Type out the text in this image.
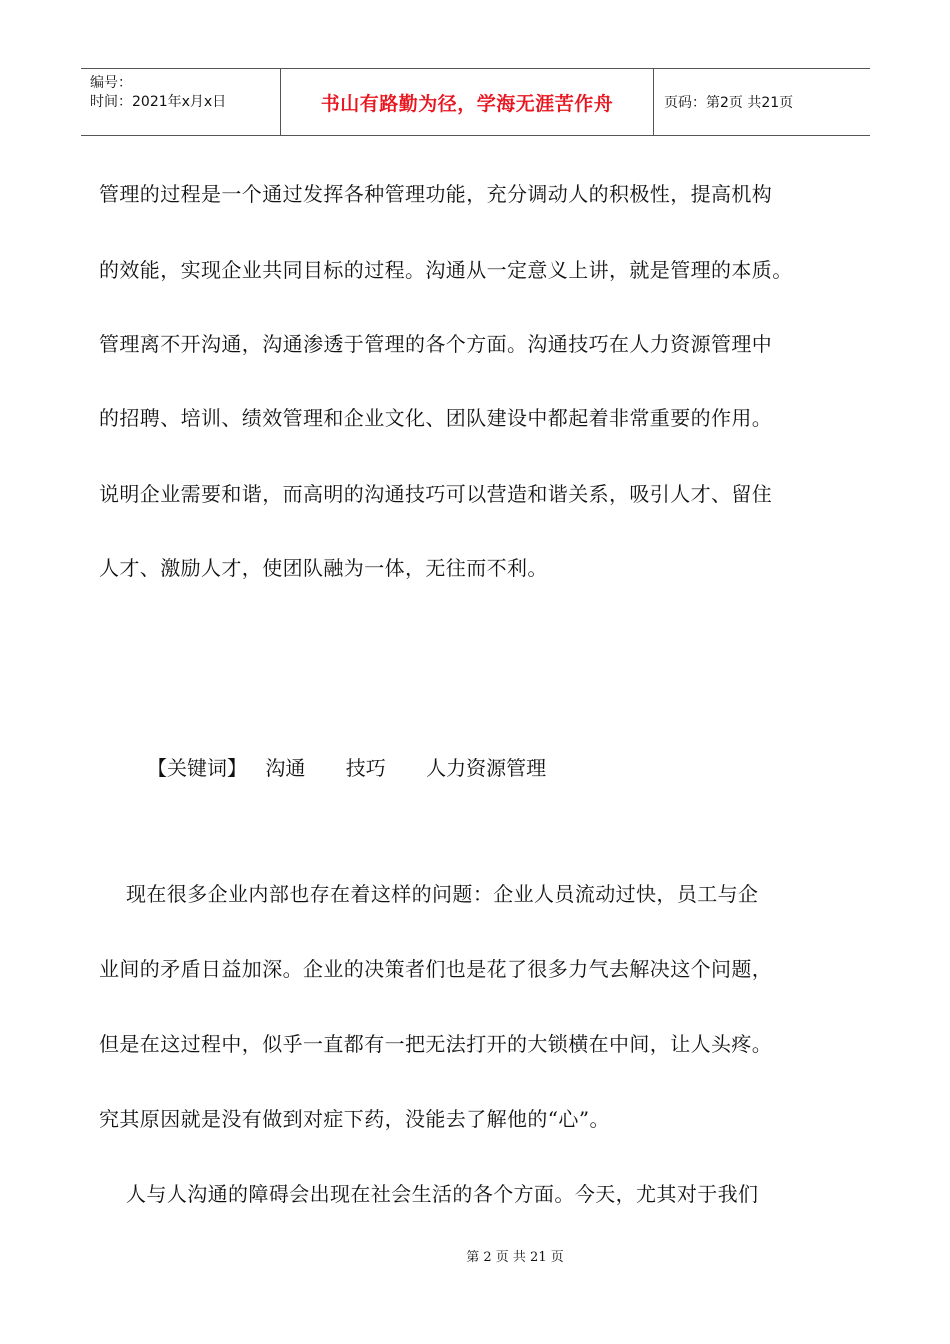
编号：
时间：2021年x月x日	书山有路勤为径，学海无涯苦作舟	页码：第2页 共21页
管理的过程是一个通过发挥各种管理功能，充分调动人的积极性，提高机构
的效能，实现企业共同目标的过程。沟通从一定意义上讲，就是管理的本质。
管理离不开沟通，沟通渗透于管理的各个方面。沟通技巧在人力资源管理中
的招聘、培训、绩效管理和企业文化、团队建设中都起着非常重要的作用。
说明企业需要和谐，而高明的沟通技巧可以营造和谐关系，吸引人才、留住
人才、激励人才，使团队融为一体，无往而不利。
【关键词】 沟通 技巧 人力资源管理
现在很多企业内部也存在着这样的问题：企业人员流动过快，员工与企
业间的矛盾日益加深。企业的决策者们也是花了很多力气去解决这个问题，
但是在这过程中，似乎一直都有一把无法打开的大锁横在中间，让人头疼。
究其原因就是没有做到对症下药，没能去了解他的“心”。
人与人沟通的障碍会出现在社会生活的各个方面。今天，尤其对于我们
第 2 页 共 21 页
